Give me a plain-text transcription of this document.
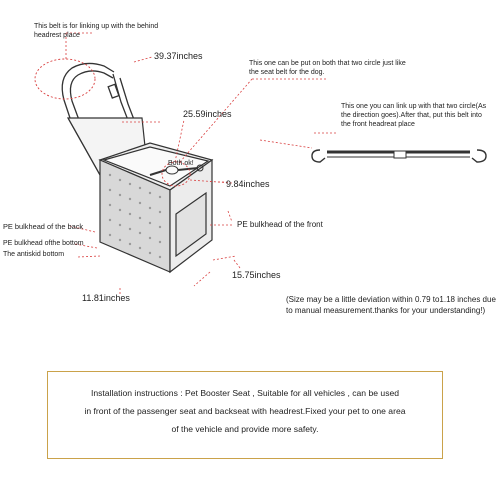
This belt is for linking up with the behind headrest place
39.37inches
This one can be put on both that two circle just like the seat belt for the dog.
This one you can link up with that two circle(As the direction goes).After that, put this belt into the front headreat place
25.59inches
Both ok!
9.84inches
PE bulkhead of the back	PE bulkhead of the front
PE bulkhead ofthe bottom
The antiskid bottom
15.75inches
11.81inches	(Size may be a little deviation within 0.79 to1.18 inches due to manual measurement.thanks for your understanding!)
Installation instructions : Pet Booster Seat , Suitable for all vehicles , can be used
in front of the passenger seat and backseat with headrest.Fixed your pet to one area
of the vehicle and provide more safety.
